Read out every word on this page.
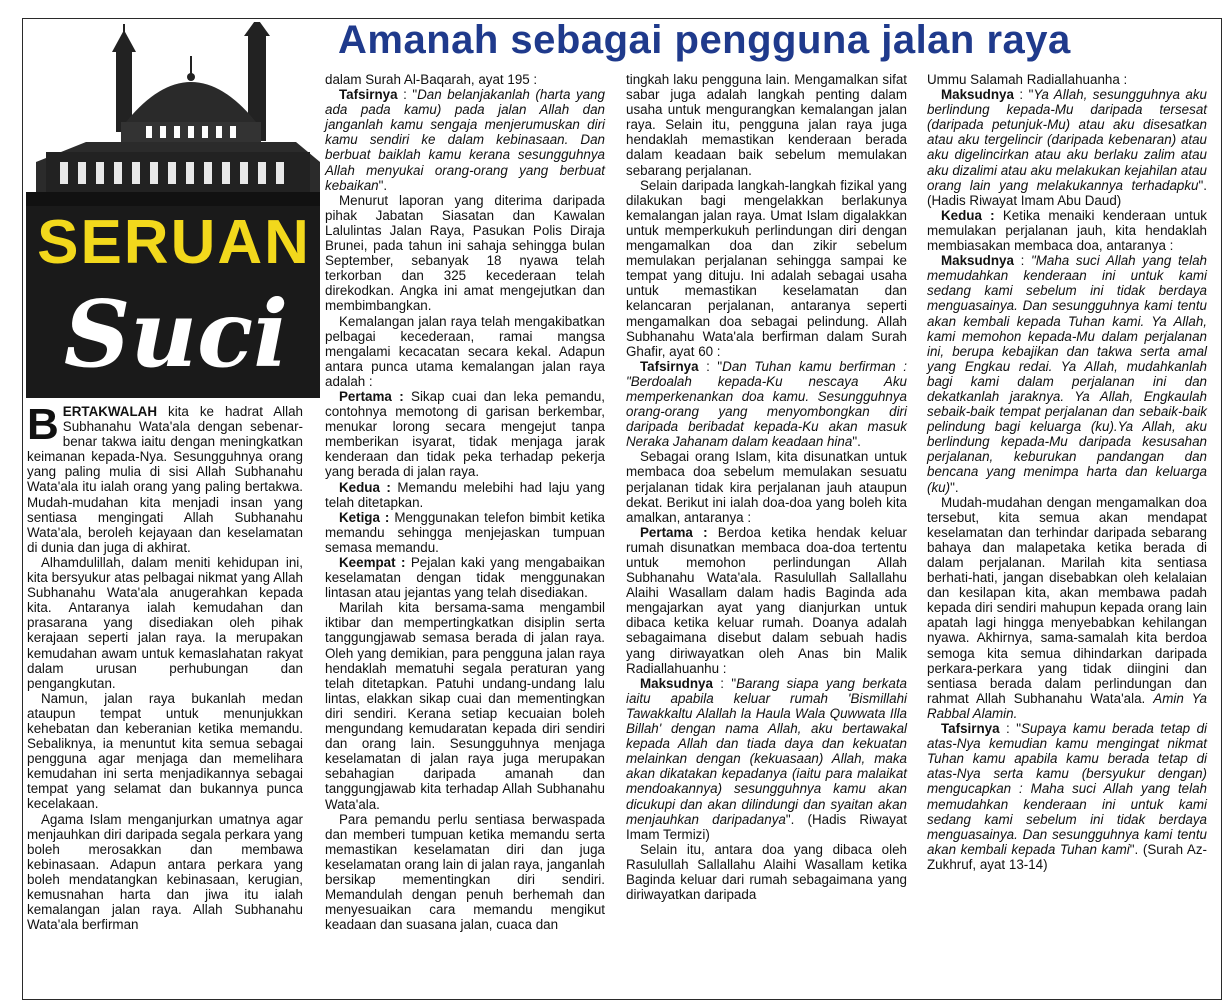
Amanah sebagai pengguna jalan raya
SERUAN
Suci

BERTAKWALAH kita ke hadrat Allah Subhanahu Wata'ala dengan sebenar-benar takwa iaitu dengan meningkatkan keimanan kepada-Nya. Sesungguhnya orang yang paling mulia di sisi Allah Subhanahu Wata'ala itu ialah orang yang paling bertakwa. Mudah-mudahan kita menjadi insan yang sentiasa mengingati Allah Subhanahu Wata'ala, beroleh kejayaan dan keselamatan di dunia dan juga di akhirat.

Alhamdulillah, dalam meniti kehidupan ini, kita bersyukur atas pelbagai nikmat yang Allah Subhanahu Wata'ala anugerahkan kepada kita. Antaranya ialah kemudahan dan prasarana yang disediakan oleh pihak kerajaan seperti jalan raya. Ia merupakan kemudahan awam untuk kemaslahatan rakyat dalam urusan perhubungan dan pengangkutan.

Namun, jalan raya bukanlah medan ataupun tempat untuk menunjukkan kehebatan dan keberanian ketika memandu. Sebaliknya, ia menuntut kita semua sebagai pengguna agar menjaga dan memelihara kemudahan ini serta menjadikannya sebagai tempat yang selamat dan bukannya punca kecelakaan.

Agama Islam menganjurkan umatnya agar menjauhkan diri daripada segala perkara yang boleh merosakkan dan membawa kebinasaan. Adapun antara perkara yang boleh mendatangkan kebinasaan, kerugian, kemusnahan harta dan jiwa itu ialah kemalangan jalan raya. Allah Subhanahu Wata'ala berfirman

dalam Surah Al-Baqarah, ayat 195 :

Tafsirnya : "Dan belanjakanlah (harta yang ada pada kamu) pada jalan Allah dan janganlah kamu sengaja menjerumuskan diri kamu sendiri ke dalam kebinasaan. Dan berbuat baiklah kamu kerana sesungguhnya Allah menyukai orang-orang yang berbuat kebaikan".

Menurut laporan yang diterima daripada pihak Jabatan Siasatan dan Kawalan Lalulintas Jalan Raya, Pasukan Polis Diraja Brunei, pada tahun ini sahaja sehingga bulan September, sebanyak 18 nyawa telah terkorban dan 325 kecederaan telah direkodkan. Angka ini amat mengejutkan dan membimbangkan.

Kemalangan jalan raya telah mengakibatkan pelbagai kecederaan, ramai mangsa mengalami kecacatan secara kekal. Adapun antara punca utama kemalangan jalan raya adalah :

Pertama : Sikap cuai dan leka pemandu, contohnya memotong di garisan berkembar, menukar lorong secara mengejut tanpa memberikan isyarat, tidak menjaga jarak kenderaan dan tidak peka terhadap pekerja yang berada di jalan raya.

Kedua : Memandu melebihi had laju yang telah ditetapkan.

Ketiga : Menggunakan telefon bimbit ketika memandu sehingga menjejaskan tumpuan semasa memandu.

Keempat : Pejalan kaki yang mengabaikan keselamatan dengan tidak menggunakan lintasan atau jejantas yang telah disediakan.

Marilah kita bersama-sama mengambil iktibar dan mempertingkatkan disiplin serta tanggungjawab semasa berada di jalan raya. Oleh yang demikian, para pengguna jalan raya hendaklah mematuhi segala peraturan yang telah ditetapkan. Patuhi undang-undang lalu lintas, elakkan sikap cuai dan mementingkan diri sendiri. Kerana setiap kecuaian boleh mengundang kemudaratan kepada diri sendiri dan orang lain. Sesungguhnya menjaga keselamatan di jalan raya juga merupakan sebahagian daripada amanah dan tanggungjawab kita terhadap Allah Subhanahu Wata'ala.

Para pemandu perlu sentiasa berwaspada dan memberi tumpuan ketika memandu serta memastikan keselamatan diri dan juga keselamatan orang lain di jalan raya, janganlah bersikap mementingkan diri sendiri. Memandulah dengan penuh berhemah dan menyesuaikan cara memandu mengikut keadaan dan suasana jalan, cuaca dan

tingkah laku pengguna lain. Mengamalkan sifat sabar juga adalah langkah penting dalam usaha untuk mengurangkan kemalangan jalan raya. Selain itu, pengguna jalan raya juga hendaklah memastikan kenderaan berada dalam keadaan baik sebelum memulakan sebarang perjalanan.

Selain daripada langkah-langkah fizikal yang dilakukan bagi mengelakkan berlakunya kemalangan jalan raya. Umat Islam digalakkan untuk memperkukuh perlindungan diri dengan mengamalkan doa dan zikir sebelum memulakan perjalanan sehingga sampai ke tempat yang dituju. Ini adalah sebagai usaha untuk memastikan keselamatan dan kelancaran perjalanan, antaranya seperti mengamalkan doa sebagai pelindung. Allah Subhanahu Wata'ala berfirman dalam Surah Ghafir, ayat 60 :

Tafsirnya : "Dan Tuhan kamu berfirman : "Berdoalah kepada-Ku nescaya Aku memperkenankan doa kamu. Sesungguhnya orang-orang yang menyombongkan diri daripada beribadat kepada-Ku akan masuk Neraka Jahanam dalam keadaan hina".

Sebagai orang Islam, kita disunatkan untuk membaca doa sebelum memulakan sesuatu perjalanan tidak kira perjalanan jauh ataupun dekat. Berikut ini ialah doa-doa yang boleh kita amalkan, antaranya :

Pertama : Berdoa ketika hendak keluar rumah disunatkan membaca doa-doa tertentu untuk memohon perlindungan Allah Subhanahu Wata'ala. Rasulullah Sallallahu Alaihi Wasallam dalam hadis Baginda ada mengajarkan ayat yang dianjurkan untuk dibaca ketika keluar rumah. Doanya adalah sebagaimana disebut dalam sebuah hadis yang diriwayatkan oleh Anas bin Malik Radiallahuanhu :

Maksudnya : "Barang siapa yang berkata iaitu apabila keluar rumah 'Bismillahi Tawakkaltu Alallah la Haula Wala Quwwata Illa Billah' dengan nama Allah, aku bertawakal kepada Allah dan tiada daya dan kekuatan melainkan dengan (kekuasaan) Allah, maka akan dikatakan kepadanya (iaitu para malaikat mendoakannya) sesungguhnya kamu akan dicukupi dan akan dilindungi dan syaitan akan menjauhkan daripadanya". (Hadis Riwayat Imam Termizi)

Selain itu, antara doa yang dibaca oleh Rasulullah Sallallahu Alaihi Wasallam ketika Baginda keluar dari rumah sebagaimana yang diriwayatkan daripada

Ummu Salamah Radiallahuanha :

Maksudnya : "Ya Allah, sesungguhnya aku berlindung kepada-Mu daripada tersesat (daripada petunjuk-Mu) atau aku disesatkan atau aku tergelincir (daripada kebenaran) atau aku digelincirkan atau aku berlaku zalim atau aku dizalimi atau aku melakukan kejahilan atau orang lain yang melakukannya terhadapku". (Hadis Riwayat Imam Abu Daud)

Kedua : Ketika menaiki kenderaan untuk memulakan perjalanan jauh, kita hendaklah membiasakan membaca doa, antaranya :

Maksudnya : "Maha suci Allah yang telah memudahkan kenderaan ini untuk kami sedang kami sebelum ini tidak berdaya menguasainya. Dan sesungguhnya kami tentu akan kembali kepada Tuhan kami. Ya Allah, kami memohon kepada-Mu dalam perjalanan ini, berupa kebajikan dan takwa serta amal yang Engkau redai. Ya Allah, mudahkanlah bagi kami dalam perjalanan ini dan dekatkanlah jaraknya. Ya Allah, Engkaulah sebaik-baik tempat perjalanan dan sebaik-baik pelindung bagi keluarga (ku).Ya Allah, aku berlindung kepada-Mu daripada kesusahan perjalanan, keburukan pandangan dan bencana yang menimpa harta dan keluarga (ku)".

Mudah-mudahan dengan mengamalkan doa tersebut, kita semua akan mendapat keselamatan dan terhindar daripada sebarang bahaya dan malapetaka ketika berada di dalam perjalanan. Marilah kita sentiasa berhati-hati, jangan disebabkan oleh kelalaian dan kesilapan kita, akan membawa padah kepada diri sendiri mahupun kepada orang lain apatah lagi hingga menyebabkan kehilangan nyawa. Akhirnya, sama-samalah kita berdoa semoga kita semua dihindarkan daripada perkara-perkara yang tidak diingini dan sentiasa berada dalam perlindungan dan rahmat Allah Subhanahu Wata'ala. Amin Ya Rabbal Alamin.

Tafsirnya : "Supaya kamu berada tetap di atas-Nya kemudian kamu mengingat nikmat Tuhan kamu apabila kamu berada tetap di atas-Nya serta kamu (bersyukur dengan) mengucapkan : Maha suci Allah yang telah memudahkan kenderaan ini untuk kami sedang kami sebelum ini tidak berdaya menguasainya. Dan sesungguhnya kami tentu akan kembali kepada Tuhan kami". (Surah Az-Zukhruf, ayat 13-14)
